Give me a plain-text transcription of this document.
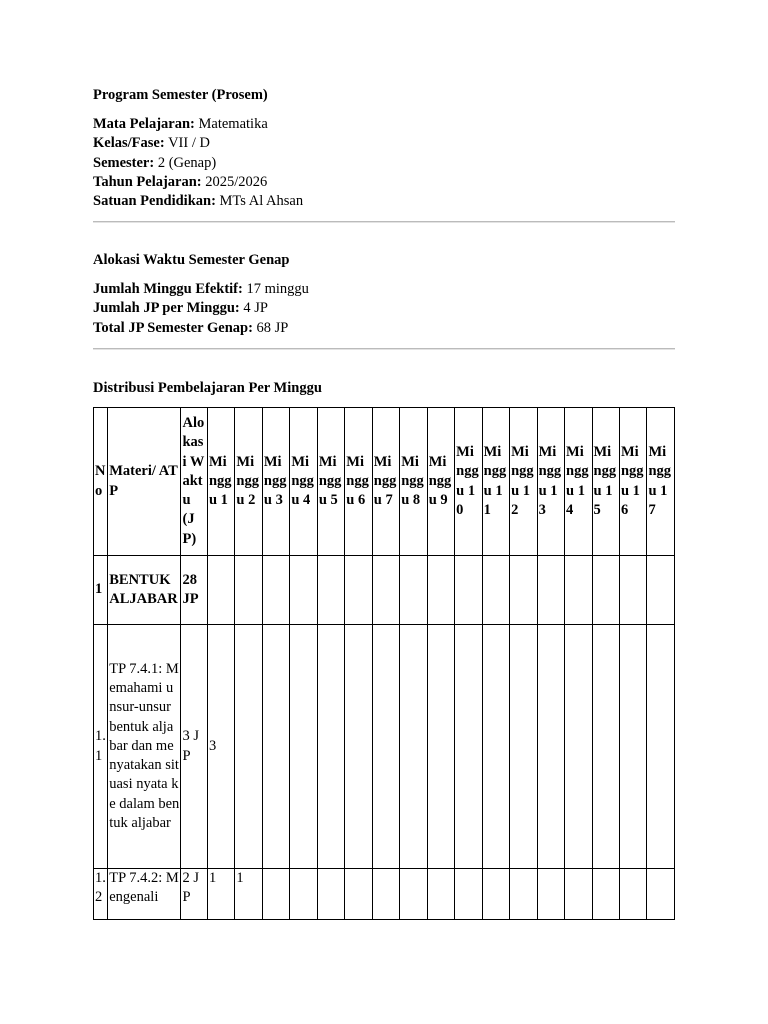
Program Semester (Prosem)

Mata Pelajaran: Matematika
Kelas/Fase: VII / D
Semester: 2 (Genap)
Tahun Pelajaran: 2025/2026
Satuan Pendidikan: MTs Al Ahsan

Alokasi Waktu Semester Genap

Jumlah Minggu Efektif: 17 minggu
Jumlah JP per Minggu: 4 JP
Total JP Semester Genap: 68 JP

Distribusi Pembelajaran Per Minggu

No	Materi/ ATP	Alokasi Waktu (JP)	Minggu 1	Minggu 2	Minggu 3	Minggu 4	Minggu 5	Minggu 6	Minggu 7	Minggu 8	Minggu 9	Minggu 10	Minggu 11	Minggu 12	Minggu 13	Minggu 14	Minggu 15	Minggu 16	Minggu 17
1	BENTUK ALJABAR	28 JP																	
1.1	TP 7.4.1: Memahami unsur-unsur bentuk aljabar dan menyatakan situasi nyata ke dalam bentuk aljabar	3 JP	3																
1.2	TP 7.4.2: Mengenali	2 JP	1	1															
